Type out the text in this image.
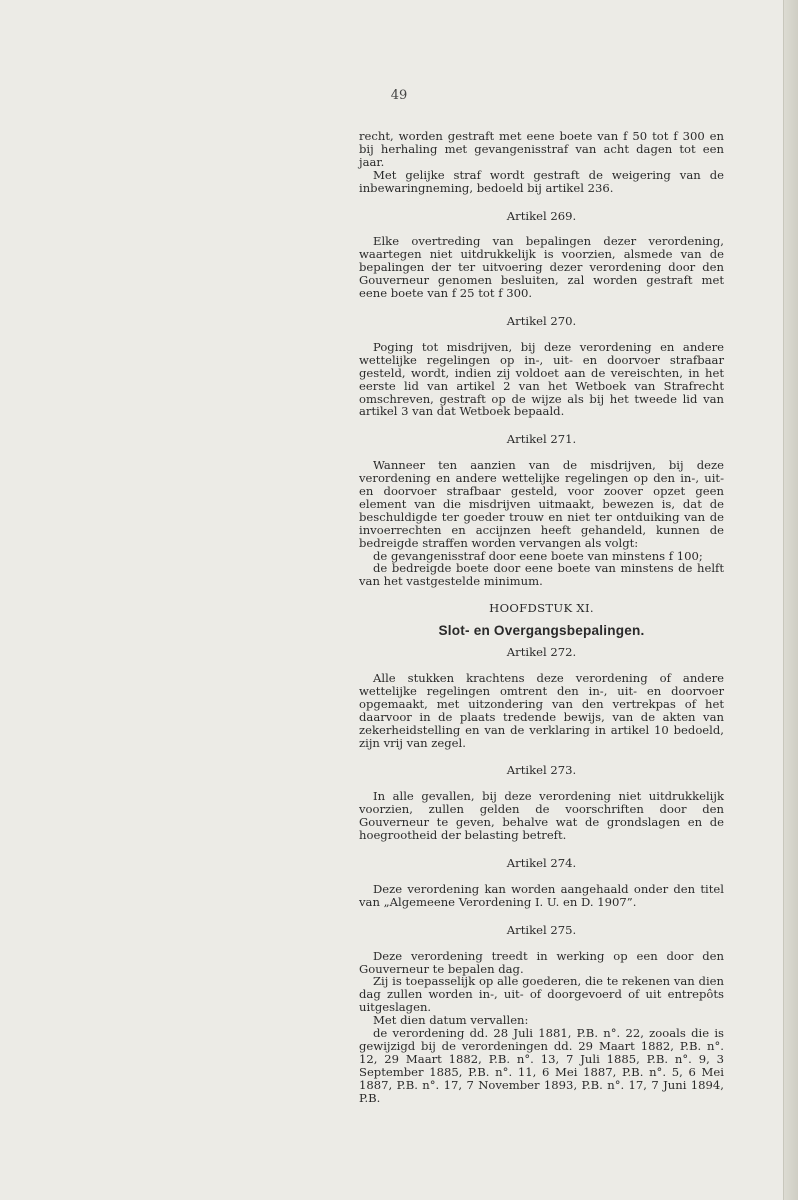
49

recht, worden gestraft met eene boete van f 50 tot f 300 en bij herhaling met gevangenisstraf van acht dagen tot een jaar.

Met gelijke straf wordt gestraft de weigering van de inbewaringneming, bedoeld bij artikel 236.

Artikel 269.

Elke overtreding van bepalingen dezer verordening, waartegen niet uitdrukkelijk is voorzien, alsmede van de bepalingen der ter uitvoering dezer verordening door den Gouverneur genomen besluiten, zal worden gestraft met eene boete van f 25 tot f 300.

Artikel 270.

Poging tot misdrijven, bij deze verordening en andere wettelijke regelingen op in-, uit- en doorvoer strafbaar gesteld, wordt, indien zij voldoet aan de vereischten, in het eerste lid van artikel 2 van het Wetboek van Strafrecht omschreven, gestraft op de wijze als bij het tweede lid van artikel 3 van dat Wetboek bepaald.

Artikel 271.

Wanneer ten aanzien van de misdrijven, bij deze verordening en andere wettelijke regelingen op den in-, uit- en doorvoer strafbaar gesteld, voor zoover opzet geen element van die misdrijven uitmaakt, bewezen is, dat de beschuldigde ter goeder trouw en niet ter ontduiking van de invoerrechten en accijnzen heeft gehandeld, kunnen de bedreigde straffen worden vervangen als volgt:

de gevangenisstraf door eene boete van minstens f 100;

de bedreigde boete door eene boete van minstens de helft van het vastgestelde minimum.

HOOFDSTUK XI.
Slot- en Overgangsbepalingen.
Artikel 272.

Alle stukken krachtens deze verordening of andere wettelijke regelingen omtrent den in-, uit- en doorvoer opgemaakt, met uitzondering van den vertrekpas of het daarvoor in de plaats tredende bewijs, van de akten van zekerheidstelling en van de verklaring in artikel 10 bedoeld, zijn vrij van zegel.

Artikel 273.

In alle gevallen, bij deze verordening niet uitdrukkelijk voorzien, zullen gelden de voorschriften door den Gouverneur te geven, behalve wat de grondslagen en de hoegrootheid der belasting betreft.

Artikel 274.

Deze verordening kan worden aangehaald onder den titel van „Algemeene Verordening I. U. en D. 1907”.

Artikel 275.

Deze verordening treedt in werking op een door den Gouverneur te bepalen dag.

Zij is toepasselijk op alle goederen, die te rekenen van dien dag zullen worden in-, uit- of doorgevoerd of uit entrepôts uitgeslagen.

Met dien datum vervallen:

de verordening dd. 28 Juli 1881, P.B. n°. 22, zooals die is gewijzigd bij de verordeningen dd. 29 Maart 1882, P.B. n°. 12, 29 Maart 1882, P.B. n°. 13, 7 Juli 1885, P.B. n°. 9, 3 September 1885, P.B. n°. 11, 6 Mei 1887, P.B. n°. 5, 6 Mei 1887, P.B. n°. 17, 7 November 1893, P.B. n°. 17, 7 Juni 1894, P.B.
